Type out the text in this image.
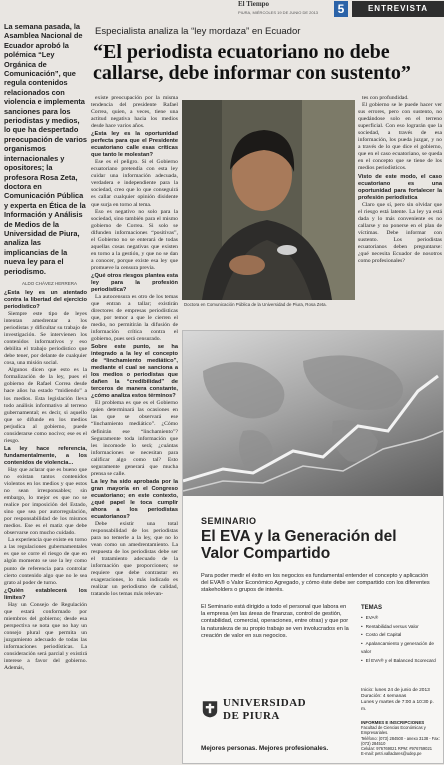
El Tiempo
PIURA, MIÉRCOLES 19 DE JUNIO DE 2013	5	ENTREVISTA
La semana pasada, la Asamblea Nacional de Ecuador aprobó la polémica “Ley Orgánica de Comunicación”, que regula contenidos relacionados con violencia e implementa sanciones para los periodistas y medios, lo que ha despertado preocupación de varios organismos internacionales y opositores; la profesora Rosa Zeta, doctora en Comunicación Pública y experta en Ética de la Información y Análisis de Medios de la Universidad de Piura, analiza las implicancias de la nueva ley para el periodismo.
ALDO CHÁVEZ HERRERA
¿Esta ley es un atentado contra la libertad del ejercicio periodístico?
Siempre este tipo de leyes intentan amedrentar a los periodistas y dificultar su trabajo de investigación. Se intervienen los contenidos informativos y eso debilita el trabajo periodístico que debe tener, por delante de cualquier cosa, una misión social.
Algunos dicen que esto es la formalización de la ley, pues el gobierno de Rafael Correa desde hace años ha estado “midiendo” a los medios. Esta legislación lleva todo análisis informativo al terreno gubernamental; es decir, si aquello que se difunde en los medios perjudica al gobierno, puede considerarse como nocivo; ese es el riesgo.
La ley hace referencia, fundamentalmente, a los contenidos de violencia...
Hay que aclarar que es bueno que no existan tantos contenidos violentos en los medios y que estos no sean irresponsables; sin embargo, lo mejor es que no se realice por imposición del Estado, sino que sea por autorregulación, por responsabilidad de los mismos medios. Ese es el matiz que debe observarse con mucho cuidado.
La experiencia que existe en torno a las regulaciones gubernamentales es que se corre el riesgo de que en algún momento se use la ley como punto de referencia para controlar cierto contenido algo que no le sea grato al poder de turno.
¿Quién establecerá los límites?
Hay un Consejo de Regulación que estará conformado por miembros del gobierno; desde esa perspectiva se nota que no hay un consejo plural que permita un juzgamiento adecuado de todas las informaciones periodísticas. La consideración será parcial y existirá interese a favor del gobierno. Además,
Especialista analiza la “ley mordaza” en Ecuador
“El periodista ecuatoriano no debe callarse, debe informar con sustento”
existe preocupación por la misma tendencia del presidente Rafael Correa, quien, a veces, tiene una actitud negativa hacia los medios desde hace varios años.
¿Esta ley es la oportunidad perfecta para que el Presidente ecuatoriano calle esas críticas que tanto le molestan?
Ese es el peligro. Si el Gobierno ecuatoriano pretendía con esta ley cuidar una información adecuada, verdadera e independiente para la sociedad, creo que lo que conseguirá es callar cualquier opinión disidente que surja en torno al tema.
Eso es negativo no solo para la sociedad, sino también para el mismo gobierno de Correa. Si solo se difunden informaciones “positivas”, el Gobierno no se enterará de todas aquellas cosas negativas que existen en torno a la gestión, y que no se dan a conocer, porque existe esa ley que promueve la censura previa.
¿Qué otros riesgos plantea esta ley para la profesión periodística?
La autocensura es otro de los temas que entran a tallar; existirán directores de empresas periodísticas que, por temor a que le cierren el medio, no permitirán la difusión de información crítica contra el gobierno, pues será censurado.
Sobre este punto, se ha integrado a la ley el concepto de “linchamiento mediático”, mediante el cual se sanciona a los medios o periodistas que dañen la “credibilidad” de terceros de manera constante, ¿cómo analiza estos términos?
El problema es que es el Gobierno quien determinará las ocasiones en las que se observará ese “linchamiento mediático”. ¿Cómo definirán ese “linchamiento”? Seguramente toda información que les incomode lo será; ¿cuántas informaciones se necesitan para calificar algo como tal? Esto seguramente generará que mucha prensa se calle.
La ley ha sido aprobada por la gran mayoría en el Congreso ecuatoriano; en este contexto, ¿qué papel le toca cumplir ahora a los periodistas ecuatorianos?
Debe existir una total responsabilidad de los periodistas para no temerle a la ley, que no lo vean como un amedrentamiento. La respuesta de los periodistas debe ser el tratamiento adecuado de la información que proporcionen; se requiere que debe contrastar en exageraciones, lo más indicado es realizar un periodismo de calidad, tratando los temas más relevan-
Doctora en Comunicación Pública de la Universidad de Piura, Rosa Zeta.
tes con profundidad.
El gobierno se le puede hacer ver sus errores, pero con sustento, no quedándose solo en el terreno superficial. Con eso lograrán que la sociedad, a través de esa información, los pueda juzgar, y no a través de lo que dice el gobierno, que en el caso ecuatoriano, se queda en el concepto que se tiene de los medios periodísticos.
Visto de este modo, el caso ecuatoriano es una oportunidad para fortalecer la profesión periodística
Claro que sí, pero sin olvidar que el riesgo está latente. La ley ya está dada y lo más conveniente es no callarse y no ponerse en el plan de víctimas. Debe informar con sustento. Los periodistas ecuatorianos deben preguntarse: ¿qué necesita Ecuador de nosotros como profesionales?
SEMINARIO
El EVA y la Generación del Valor Compartido
Para poder medir el éxito en los negocios es fundamental entender el concepto y aplicación del EVA® o Valor Económico Agregado, y cómo éste debe ser compartido con los diferentes stakeholders o grupos de interés.
El Seminario está dirigido a todo el personal que labora en la empresa (en las áreas de finanzas, control de gestión, contabilidad, comercial, operaciones, entre otras) y que por la naturaleza de su propio trabajo se ven involucrados en la creación de valor en sus negocios.
TEMAS
• EVA®
• Rentabilidad versus Valor
• Costo del Capital
• Apalancamiento y generación de valor
• El EVA® y el Balanced Scorecard
Inicio: lunes 24 de junio de 2013
Duración: 4 semanas
Lunes y martes de 7:00 a 10:30 p. m.
UNIVERSIDAD
DE PIURA
Mejores personas. Mejores profesionales.
INFORMES E INSCRIPCIONES
Facultad de Ciencias Económicas y Empresariales.
Teléfono: (073) 284500 - anexo 3138 - Fax: (073) 284510
Celular: 976769021 RPM: #976769021
E-mail: petri.valladares@udep.pe
